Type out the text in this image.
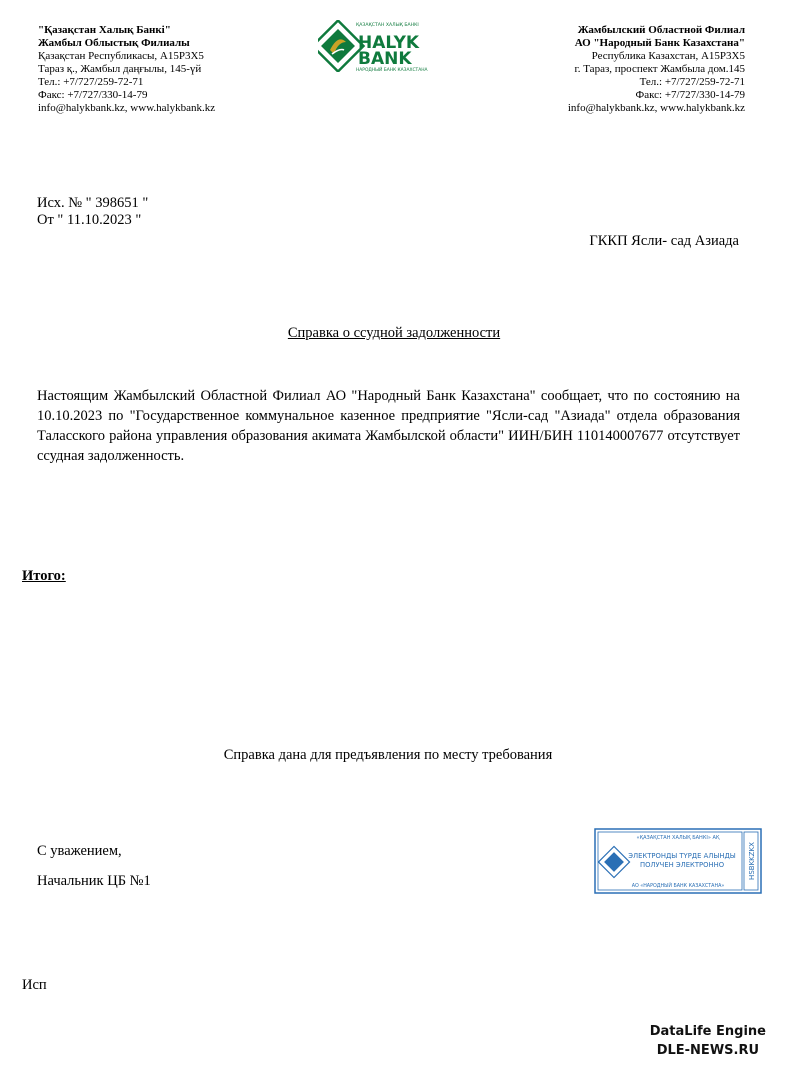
"Қазақстан Халық Банкі"
Жамбыл Облыстық Филиалы
Қазақстан Республикасы, A15P3X5
Тараз қ., Жамбыл даңғылы, 145-үй
Тел.: +7/727/259-72-71
Факс: +7/727/330-14-79
info@halykbank.kz, www.halykbank.kz
ҚАЗАҚСТАН ХАЛЫҚ БАНКІ
HALYK
BANK
НАРОДНЫЙ БАНК КАЗАХСТАНА
Жамбылский Областной Филиал
АО "Народный Банк Казахстана"
Республика Казахстан, A15P3X5
г. Тараз, проспект Жамбыла дом.145
Тел.: +7/727/259-72-71
Факс: +7/727/330-14-79
info@halykbank.kz, www.halykbank.kz
Исх. № " 398651 "
От " 11.10.2023 "
ГККП Ясли- сад Азиада
Справка о ссудной задолженности
Настоящим Жамбылский Областной Филиал АО "Народный Банк Казахстана" сообщает, что по состоянию на 10.10.2023 по "Государственное коммунальное казенное предприятие "Ясли-сад "Азиада" отдела образования Таласского района управления образования акимата Жамбылской области" ИИН/БИН 110140007677 отсутствует ссудная задолженность.
Итого:
Справка дана для предъявления по месту требования
С уважением,
Начальник ЦБ №1
Исп
«ҚАЗАҚСТАН ХАЛЫҚ БАНКІ» АҚ
ЭЛЕКТРОНДЫ ТҮРДЕ АЛЫНДЫ
ПОЛУЧЕН ЭЛЕКТРОННО
АО «НАРОДНЫЙ БАНК КАЗАХСТАНА»
HSBKKZKX
DataLife Engine
DLE-NEWS.RU
